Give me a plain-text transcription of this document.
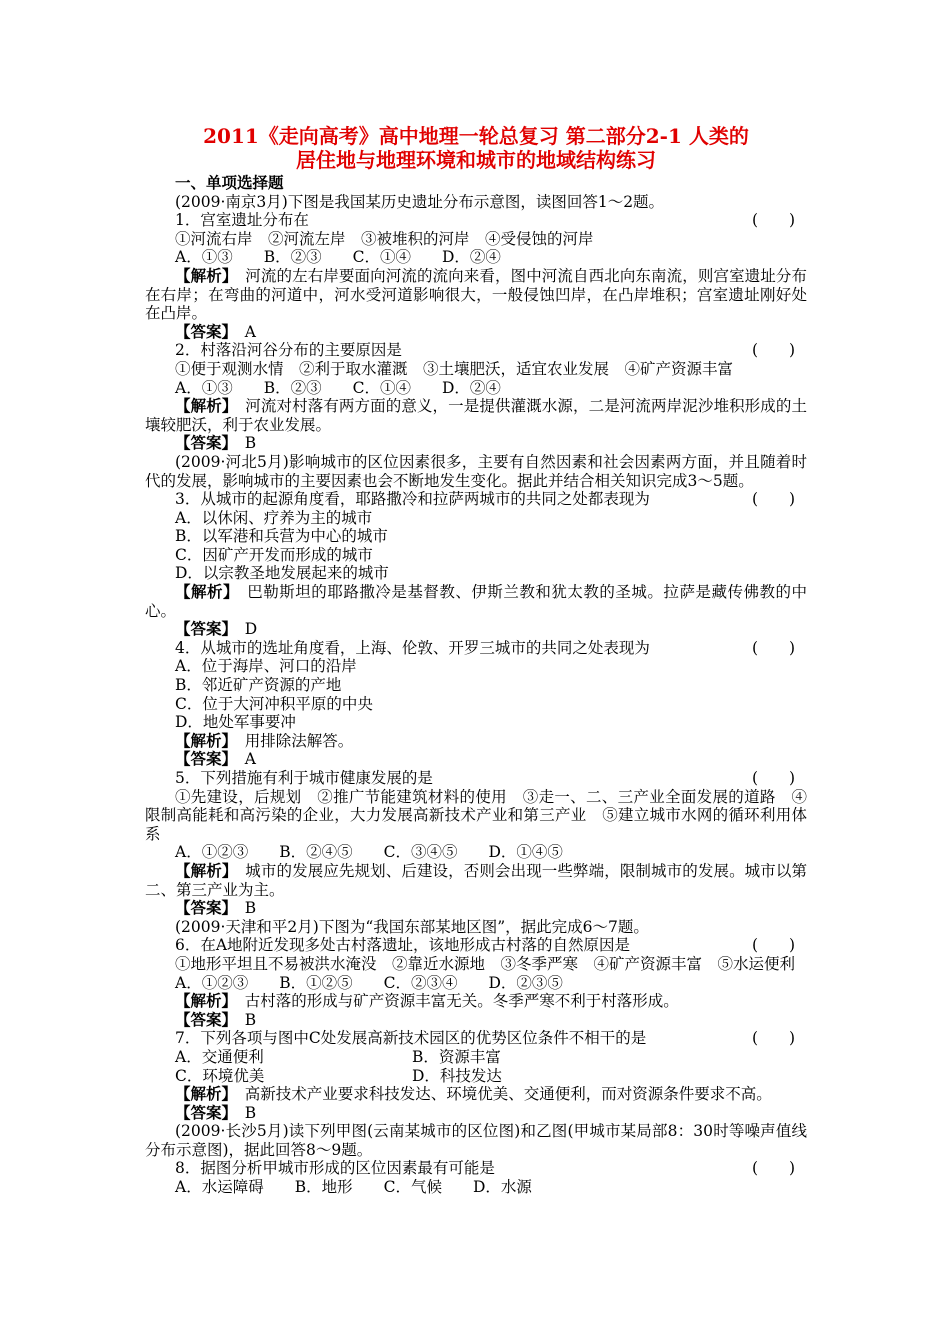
2011《走向高考》高中地理一轮总复习 第二部分2-1 人类的
居住地与地理环境和城市的地域结构练习
一、单项选择题
(2009·南京3月)下图是我国某历史遗址分布示意图，读图回答1～2题。
1．宫室遗址分布在	(　　)
①河流右岸　②河流左岸　③被堆积的河岸　④受侵蚀的河岸
A．①③　　B．②③　　C．①④　　D．②④
【解析】　河流的左右岸要面向河流的流向来看，图中河流自西北向东南流，则宫室遗址分布在右岸；在弯曲的河道中，河水受河道影响很大，一般侵蚀凹岸，在凸岸堆积；宫室遗址刚好处在凸岸。
【答案】　A
2．村落沿河谷分布的主要原因是	(　　)
①便于观测水情　②利于取水灌溉　③土壤肥沃，适宜农业发展　④矿产资源丰富
A．①③　　B．②③　　C．①④　　D．②④
【解析】　河流对村落有两方面的意义，一是提供灌溉水源，二是河流两岸泥沙堆积形成的土壤较肥沃，利于农业发展。
【答案】　B
(2009·河北5月)影响城市的区位因素很多，主要有自然因素和社会因素两方面，并且随着时代的发展，影响城市的主要因素也会不断地发生变化。据此并结合相关知识完成3～5题。
3．从城市的起源角度看，耶路撒冷和拉萨两城市的共同之处都表现为	(　　)
A．以休闲、疗养为主的城市
B．以军港和兵营为中心的城市
C．因矿产开发而形成的城市
D．以宗教圣地发展起来的城市
【解析】　巴勒斯坦的耶路撒冷是基督教、伊斯兰教和犹太教的圣城。拉萨是藏传佛教的中心。
【答案】　D
4．从城市的选址角度看，上海、伦敦、开罗三城市的共同之处表现为	(　　)
A．位于海岸、河口的沿岸
B．邻近矿产资源的产地
C．位于大河冲积平原的中央
D．地处军事要冲
【解析】　用排除法解答。
【答案】　A
5．下列措施有利于城市健康发展的是	(　　)
①先建设，后规划　②推广节能建筑材料的使用　③走一、二、三产业全面发展的道路　④限制高能耗和高污染的企业，大力发展高新技术产业和第三产业　⑤建立城市水网的循环利用体系
A．①②③　　B．②④⑤　　C．③④⑤　　D．①④⑤
【解析】　城市的发展应先规划、后建设，否则会出现一些弊端，限制城市的发展。城市以第二、第三产业为主。
【答案】　B
(2009·天津和平2月)下图为“我国东部某地区图”，据此完成6～7题。
6．在A地附近发现多处古村落遗址，该地形成古村落的自然原因是	(　　)
①地形平坦且不易被洪水淹没　②靠近水源地　③冬季严寒　④矿产资源丰富　⑤水运便利
A．①②③　　B．①②⑤　　C．②③④　　D．②③⑤
【解析】　古村落的形成与矿产资源丰富无关。冬季严寒不利于村落形成。
【答案】　B
7．下列各项与图中C处发展高新技术园区的优势区位条件不相干的是	(　　)
A．交通便利	B．资源丰富
C．环境优美	D．科技发达
【解析】　高新技术产业要求科技发达、环境优美、交通便利，而对资源条件要求不高。
【答案】　B
(2009·长沙5月)读下列甲图(云南某城市的区位图)和乙图(甲城市某局部8：30时等噪声值线分布示意图)，据此回答8～9题。
8．据图分析甲城市形成的区位因素最有可能是	(　　)
A．水运障碍　　B．地形　　C．气候　　D．水源
